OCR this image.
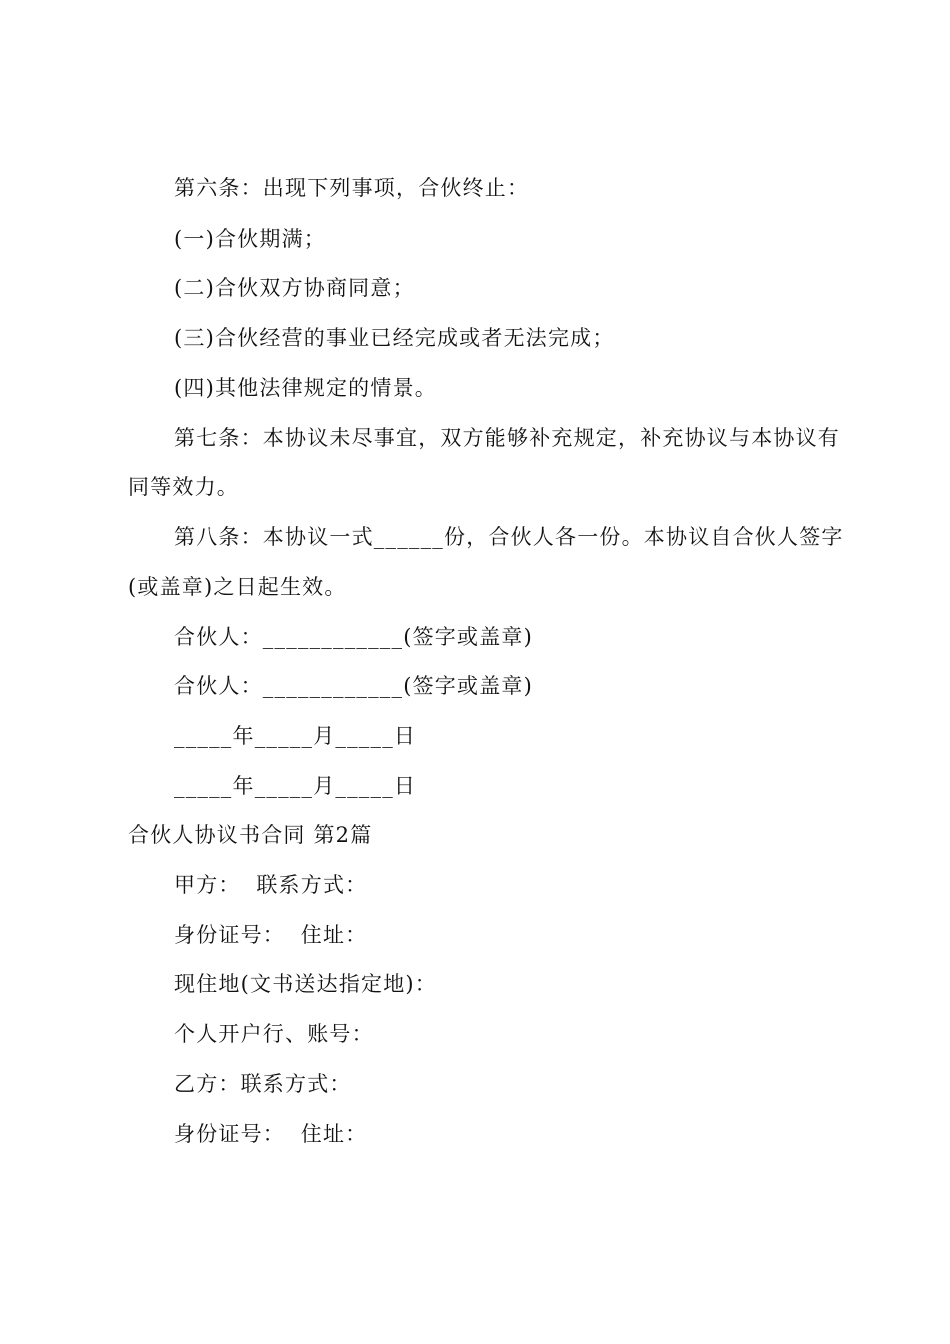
第六条：出现下列事项，合伙终止：
(一)合伙期满；
(二)合伙双方协商同意；
(三)合伙经营的事业已经完成或者无法完成；
(四)其他法律规定的情景。
第七条：本协议未尽事宜，双方能够补充规定，补充协议与本协议有
同等效力。
第八条：本协议一式______份，合伙人各一份。本协议自合伙人签字
(或盖章)之日起生效。
合伙人：____________(签字或盖章)
合伙人：____________(签字或盖章)
_____年_____月_____日
_____年_____月_____日
合伙人协议书合同 第2篇
甲方：  联系方式：
身份证号：  住址：
现住地(文书送达指定地)：
个人开户行、账号：
乙方：联系方式：
身份证号：  住址：
